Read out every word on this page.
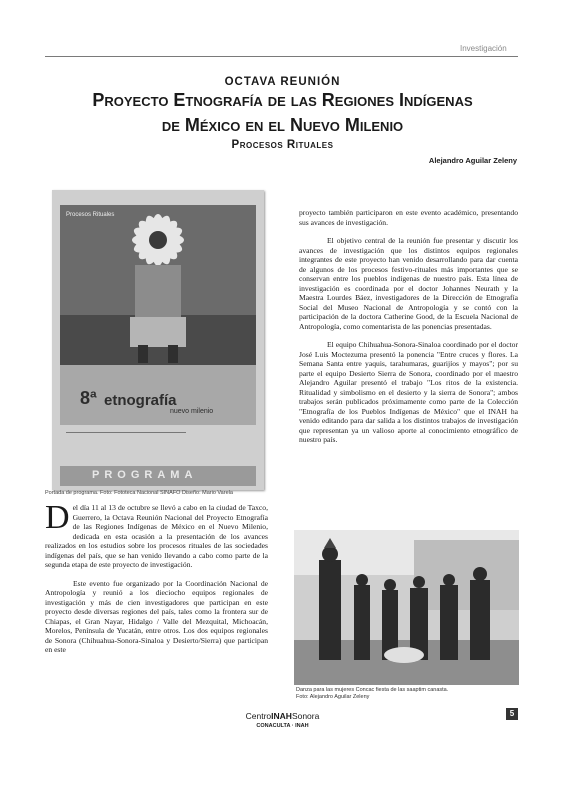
Investigación
OCTAVA REUNIÓN
Proyecto Etnografía de las Regiones Indígenas
de México en el Nuevo Milenio
Procesos Rituales
Alejandro Aguilar Zeleny
Procesos Rituales
8ª etnografía
nuevo milenio
PROGRAMA
Portada de programa. Foto: Fototeca Nacional SINAFO Diseño: Mario Varela

Del día 11 al 13 de octubre se llevó a cabo en la ciudad de Taxco, Guerrero, la Octava Reunión Nacional del Proyecto Etnografía de las Regiones Indígenas de México en el Nuevo Milenio, dedicada en esta ocasión a la presentación de los avances realizados en los estudios sobre los procesos rituales de las sociedades indígenas del país, que se han venido llevando a cabo como parte de la segunda etapa de este proyecto de investigación.

Este evento fue organizado por la Coordinación Nacional de Antropología y reunió a los dieciocho equipos regionales de investigación y más de cien investigadores que participan en este proyecto desde diversas regiones del país, tales como la frontera sur de Chiapas, el Gran Nayar, Hidalgo / Valle del Mezquital, Michoacán, Morelos, Península de Yucatán, entre otros. Los dos equipos regionales de Sonora (Chihuahua-Sonora-Sinaloa y Desierto/Sierra) que participan en este

proyecto también participaron en este evento académico, presentando sus avances de investigación.

El objetivo central de la reunión fue presentar y discutir los avances de investigación que los distintos equipos regionales integrantes de este proyecto han venido desarrollando para dar cuenta de algunos de los procesos festivo-rituales más importantes que se conservan entre los pueblos indígenas de nuestro país. Esta línea de investigación es coordinada por el doctor Johannes Neurath y la Maestra Lourdes Báez, investigadores de la Dirección de Etnografía Social del Museo Nacional de Antropología y se contó con la participación de la doctora Catherine Good, de la Escuela Nacional de Antropología, como comentarista de las ponencias presentadas.

El equipo Chihuahua-Sonora-Sinaloa coordinado por el doctor José Luis Moctezuma presentó la ponencia "Entre cruces y flores. La Semana Santa entre yaquis, tarahumaras, guarijíos y mayos"; por su parte el equipo Desierto Sierra de Sonora, coordinado por el maestro Alejandro Aguilar presentó el trabajo "Los ritos de la existencia. Ritualidad y simbolismo en el desierto y la sierra de Sonora"; ambos trabajos serán publicados próximamente como parte de la Colección "Etnografía de los Pueblos Indígenas de México" que el INAH ha venido editando para dar salida a los distintos trabajos de investigación que representan ya un valioso aporte al conocimiento etnográfico de nuestro país.

Danza para las mujeres Concac fiesta de las saaptim canasta.
Foto: Alejandro Aguilar Zeleny
CentroINAHSonora
CONACULTA · INAH
5
